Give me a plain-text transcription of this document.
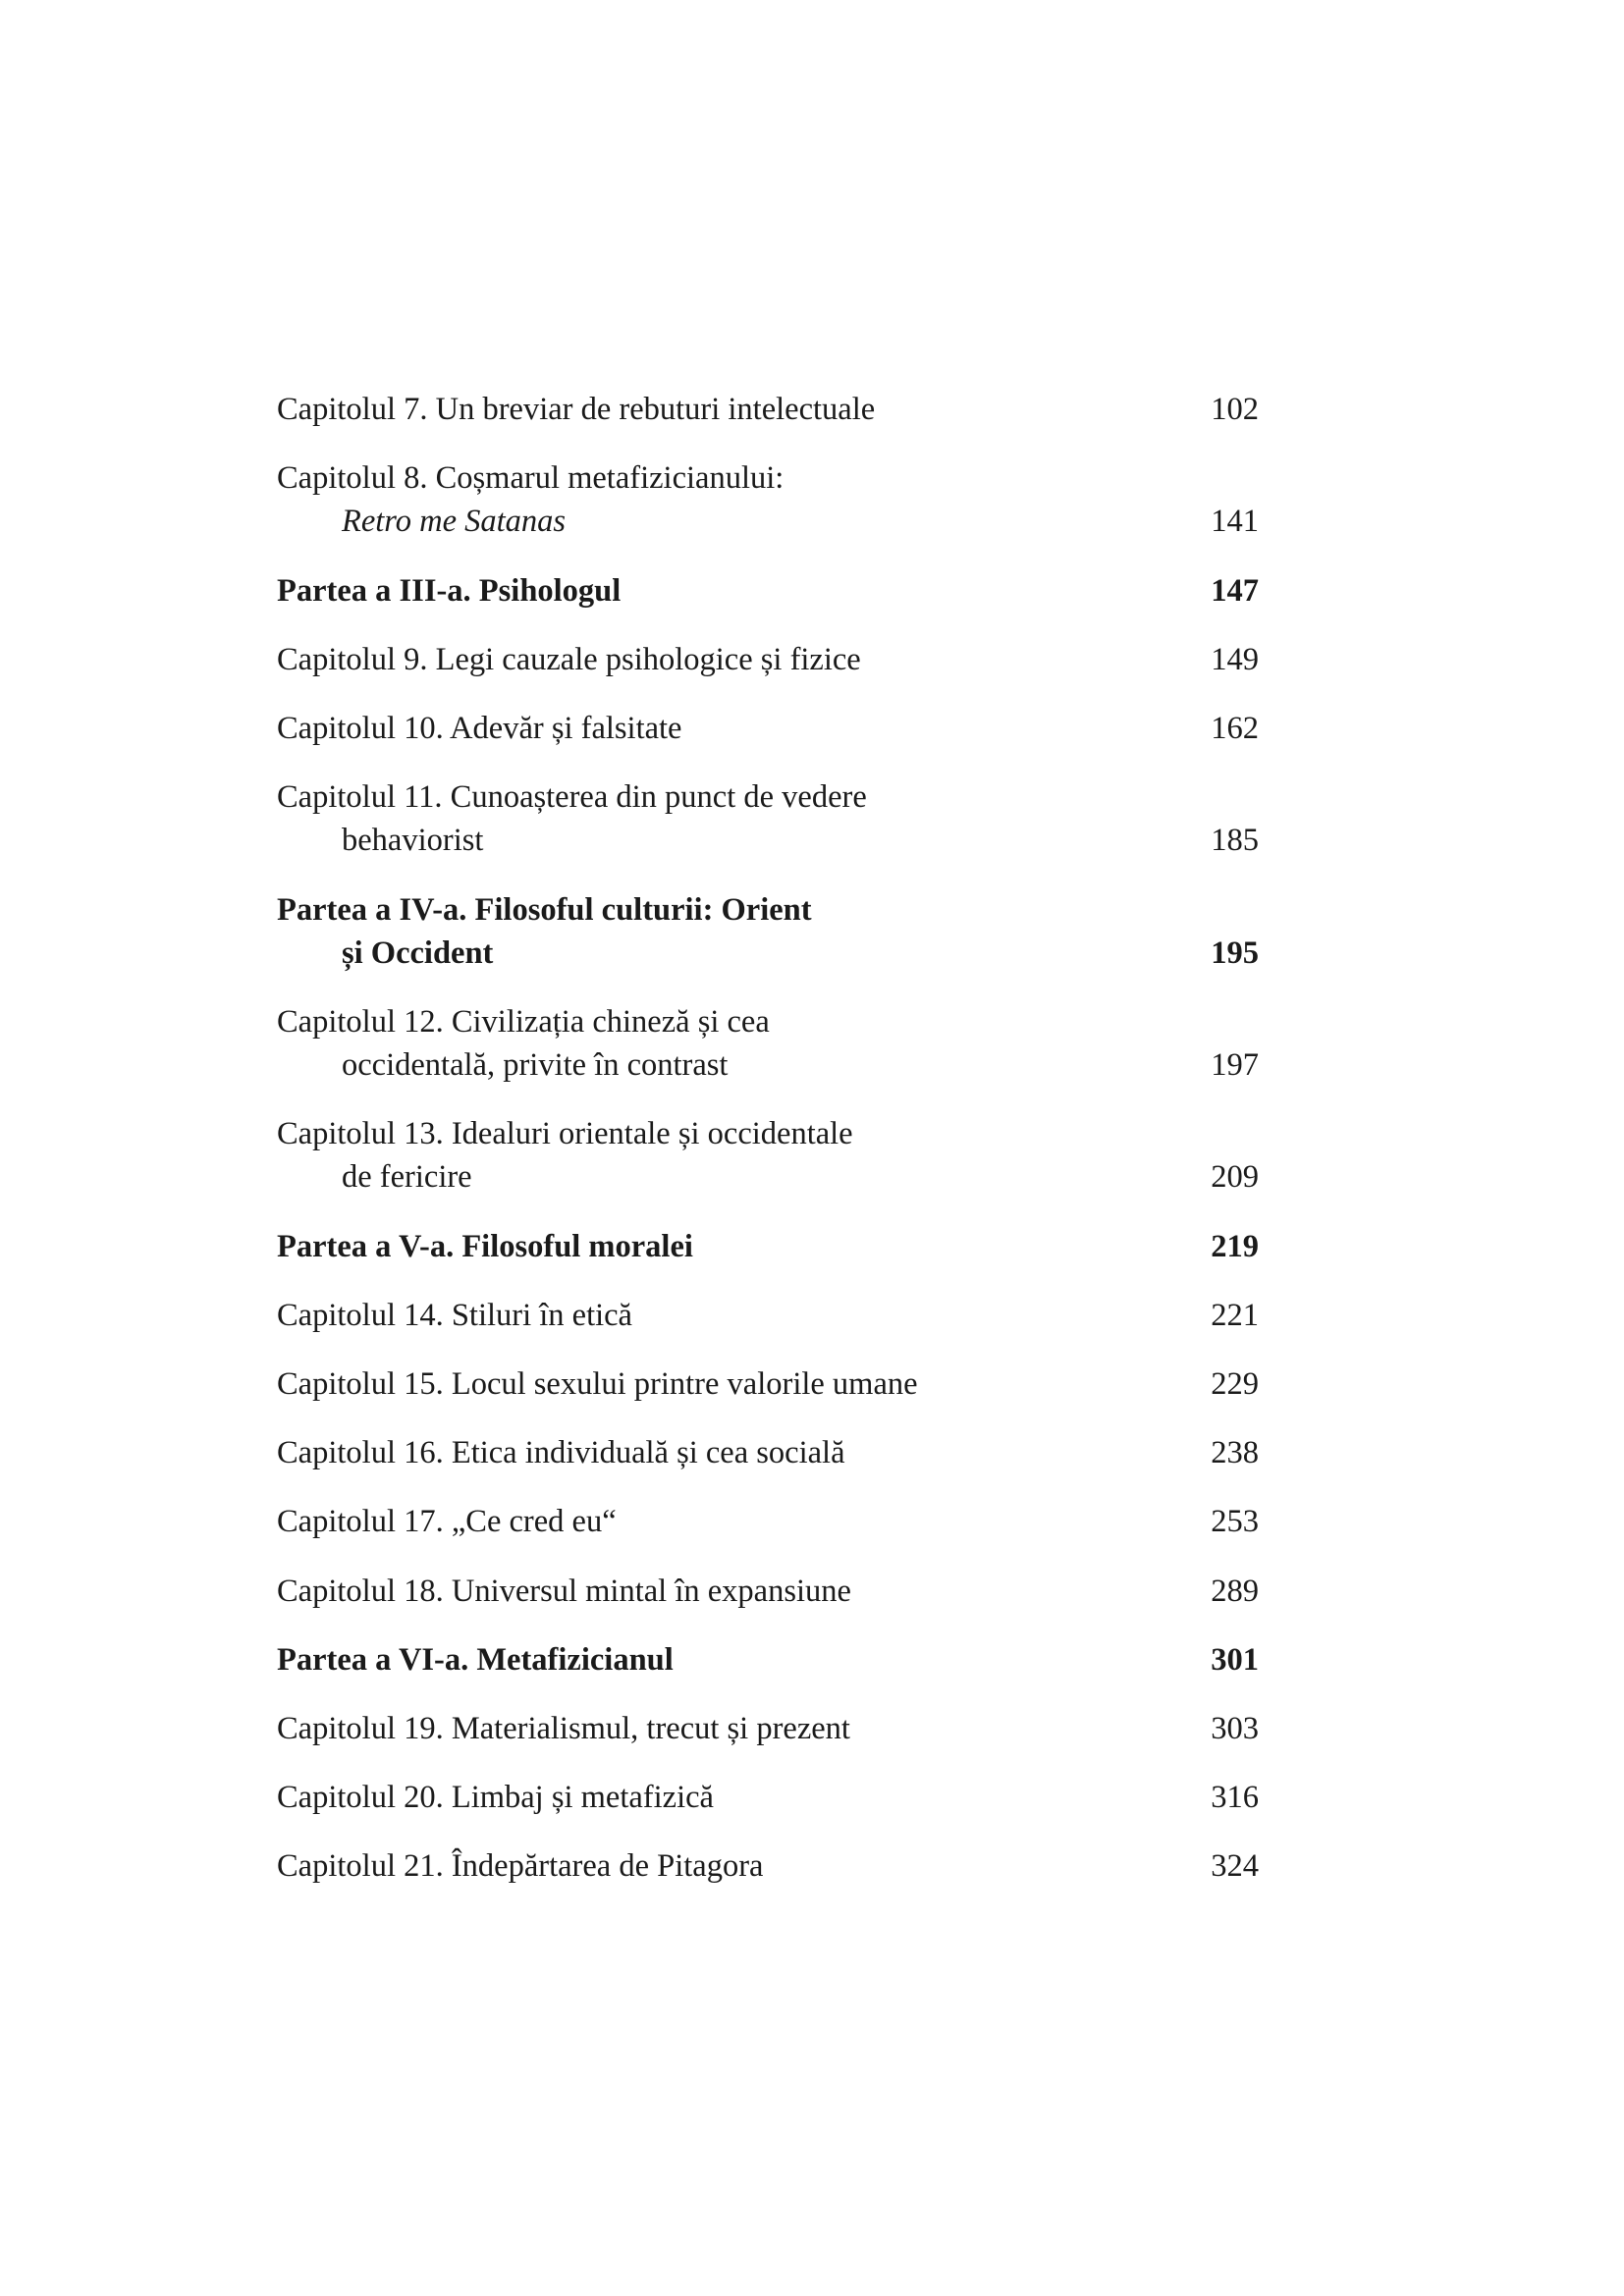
Capitolul 7. Un breviar de rebuturi intelectuale	102
Capitolul 8. Coșmarul metafizicianului:
Retro me Satanas	141
Partea a III-a. Psihologul	147
Capitolul 9. Legi cauzale psihologice și fizice	149
Capitolul 10. Adevăr și falsitate	162
Capitolul 11. Cunoașterea din punct de vedere
behaviorist	185
Partea a IV-a. Filosoful culturii: Orient
și Occident	195
Capitolul 12. Civilizația chineză și cea
occidentală, privite în contrast	197
Capitolul 13. Idealuri orientale și occidentale
de fericire	209
Partea a V-a. Filosoful moralei	219
Capitolul 14. Stiluri în etică	221
Capitolul 15. Locul sexului printre valorile umane	229
Capitolul 16. Etica individuală și cea socială	238
Capitolul 17. „Ce cred eu“	253
Capitolul 18. Universul mintal în expansiune	289
Partea a VI-a. Metafizicianul	301
Capitolul 19. Materialismul, trecut și prezent	303
Capitolul 20. Limbaj și metafizică	316
Capitolul 21. Îndepărtarea de Pitagora	324
